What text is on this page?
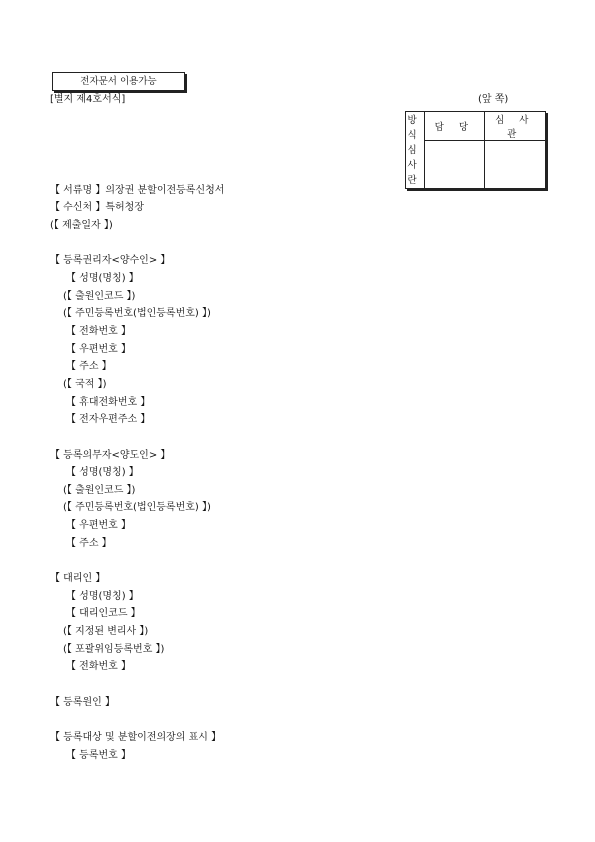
전자문서 이용가능
[별지 제4호서식]	(앞 쪽)
방
식
심
사
란	담 당	심 사 관

【 서류명 】의장권 분할이전등록신청서
【 수신처 】특허청장
(【 제출일자 】)
【 등록권리자<양수인> 】
【 성명(명칭) 】
(【 출원인코드 】)
(【 주민등록번호(법인등록번호) 】)
【 전화번호 】
【 우편번호 】
【 주소 】
(【 국적 】)
【 휴대전화번호 】
【 전자우편주소 】
【 등록의무자<양도인> 】
【 성명(명칭) 】
(【 출원인코드 】)
(【 주민등록번호(법인등록번호) 】)
【 우편번호 】
【 주소 】
【 대리인 】
【 성명(명칭) 】
【 대리인코드 】
(【 지정된 변리사 】)
(【 포괄위임등록번호 】)
【 전화번호 】
【 등록원인 】
【 등록대상 및 분할이전의장의 표시 】
【 등록번호 】
